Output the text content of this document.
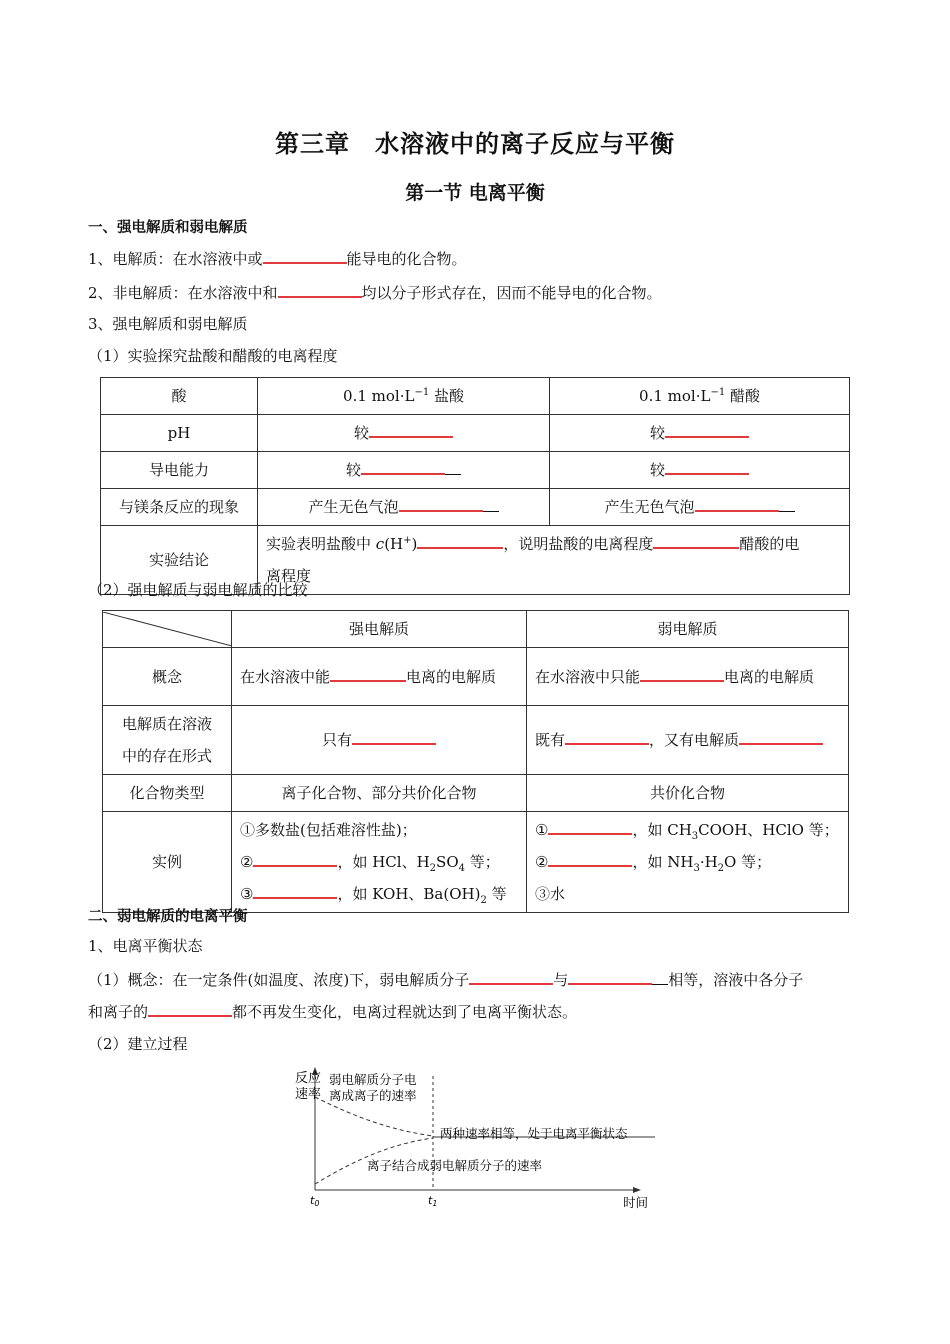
第三章　水溶液中的离子反应与平衡
第一节 电离平衡
一、强电解质和弱电解质
1、电解质：在水溶液中或	能导电的化合物。
2、非电解质：在水溶液中和	均以分子形式存在，因而不能导电的化合物。
3、强电解质和弱电解质
（1）实验探究盐酸和醋酸的电离程度
酸	0.1 $mol\cdot L^{-1}$ 盐酸	0.1 $mol\cdot L^{-1}$ 醋酸
pH	较	较
导电能力	较	较
与镁条反应的现象	产生无色气泡	产生无色气泡
实验结论	实验表明盐酸中 c(H+) ，说明盐酸的电离程度 醋酸的电
离程度	
（2）强电解质与弱电解质的比较
	强电解质	弱电解质
概念	在水溶液中能 电离的电解质	在水溶液中只能 电离的电解质
电解质在溶液
中的存在形式	只有	既有 ，又有电解质
化合物类型	离子化合物、部分共价化合物	共价化合物
实例	①多数盐(包括难溶性盐)；
② ，如 HCl、$H_2SO_4$ 等；
③ ，如 KOH、$Ba(OH)_2$ 等	① ，如 $CH_3COOH$、HClO 等；
② ，如 $NH_3\cdot H_2O$ 等；
③水
二、弱电解质的电离平衡
1、电离平衡状态
（1）概念：在一定条件(如温度、浓度)下，弱电解质分子	与	相等，溶液中各分子
和离子的	都不再发生变化，电离过程就达到了电离平衡状态。
（2）建立过程
反应
速率
弱电解质分子电
离成离子的速率
两种速率相等，处于电离平衡状态
离子结合成弱电解质分子的速率
t0	t1	时间
